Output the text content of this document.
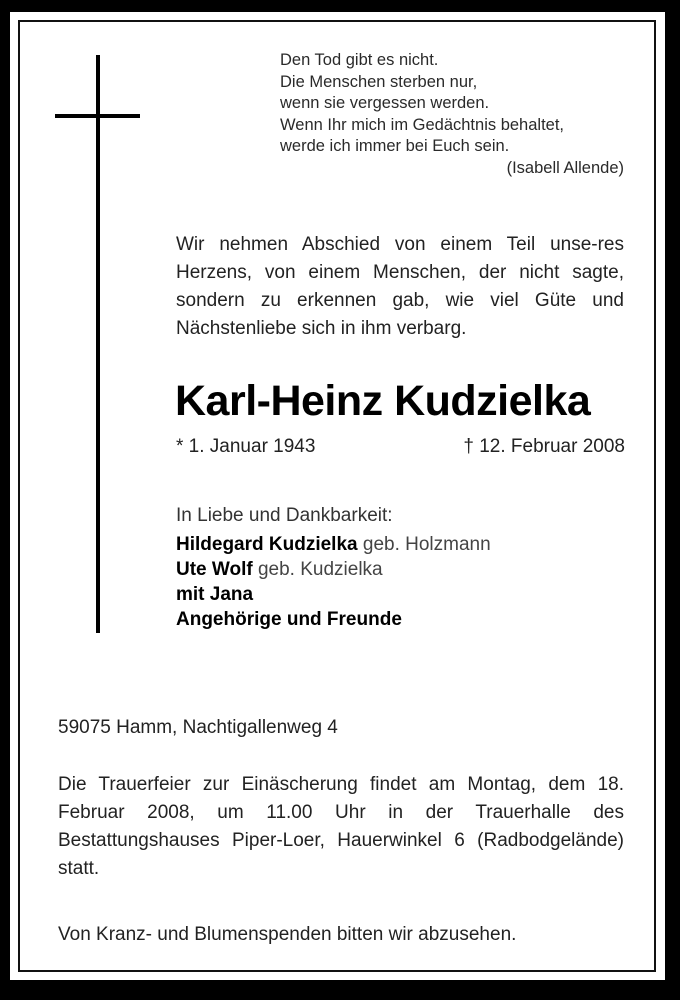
Den Tod gibt es nicht.
Die Menschen sterben nur,
wenn sie vergessen werden.
Wenn Ihr mich im Gedächtnis behaltet,
werde ich immer bei Euch sein.
(Isabell Allende)
Wir nehmen Abschied von einem Teil unse-res Herzens, von einem Menschen, der nicht sagte, sondern zu erkennen gab, wie viel Güte und Nächstenliebe sich in ihm verbarg.
Karl-Heinz Kudzielka
* 1. Januar 1943	† 12. Februar 2008
In Liebe und Dankbarkeit:
Hildegard Kudzielka geb. Holzmann
Ute Wolf geb. Kudzielka
mit Jana
Angehörige und Freunde
59075 Hamm, Nachtigallenweg 4
Die Trauerfeier zur Einäscherung findet am Montag, dem 18. Februar 2008, um 11.00 Uhr in der Trauerhalle des Bestattungshauses Piper-Loer, Hauerwinkel 6 (Radbodgelände) statt.
Von Kranz- und Blumenspenden bitten wir abzusehen.
